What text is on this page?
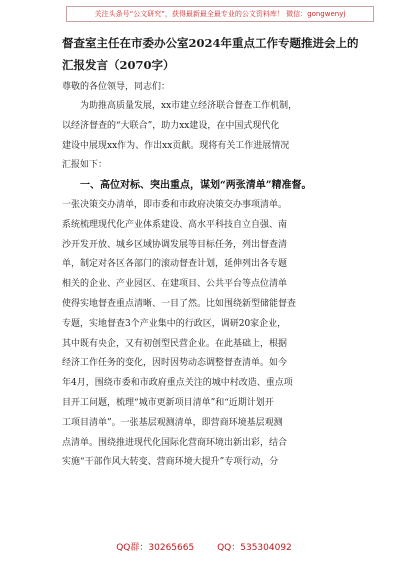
关注头条号“公文研究”，获得最新最全最专业的公文资料库！ 微信：gongwenyj
督查室主任在市委办公室2024年重点工作专题推进会上的
汇报发言（2070字）

尊敬的各位领导，同志们：

为助推高质量发展，xx市建立经济联合督查工作机制，
以经济督查的“大联合”，助力xx建设，在中国式现代化
建设中展现xx作为、作出xx贡献。现将有关工作进展情况
汇报如下：
一、高位对标、突出重点，谋划“两张清单”精准督。
一张决策交办清单，即市委和市政府决策交办事项清单。
系统梳理现代化产业体系建设、高水平科技自立自强、南
沙开发开放、城乡区域协调发展等目标任务，列出督查清
单，制定对各区各部门的滚动督查计划，延伸列出各专题
相关的企业、产业园区、在建项目、公共平台等点位清单
使得实地督查重点清晰、一目了然。比如围绕新型储能督查
专题，实地督查3个产业集中的行政区，调研20家企业，
其中既有央企，又有初创型民营企业。在此基础上，根据
经济工作任务的变化，因时因势动态调整督查清单。如今
年4月，围绕市委和市政府重点关注的城中村改造、重点项
目开工问题，梳理“城市更新项目清单”和“近期计划开
工项目清单”。一张基层观测清单，即营商环境基层观测
点清单。围绕推进现代化国际化营商环境出新出彩，结合
实施“干部作风大转变、营商环境大提升”专项行动，分
QQ群：30265665	QQ：535304092
